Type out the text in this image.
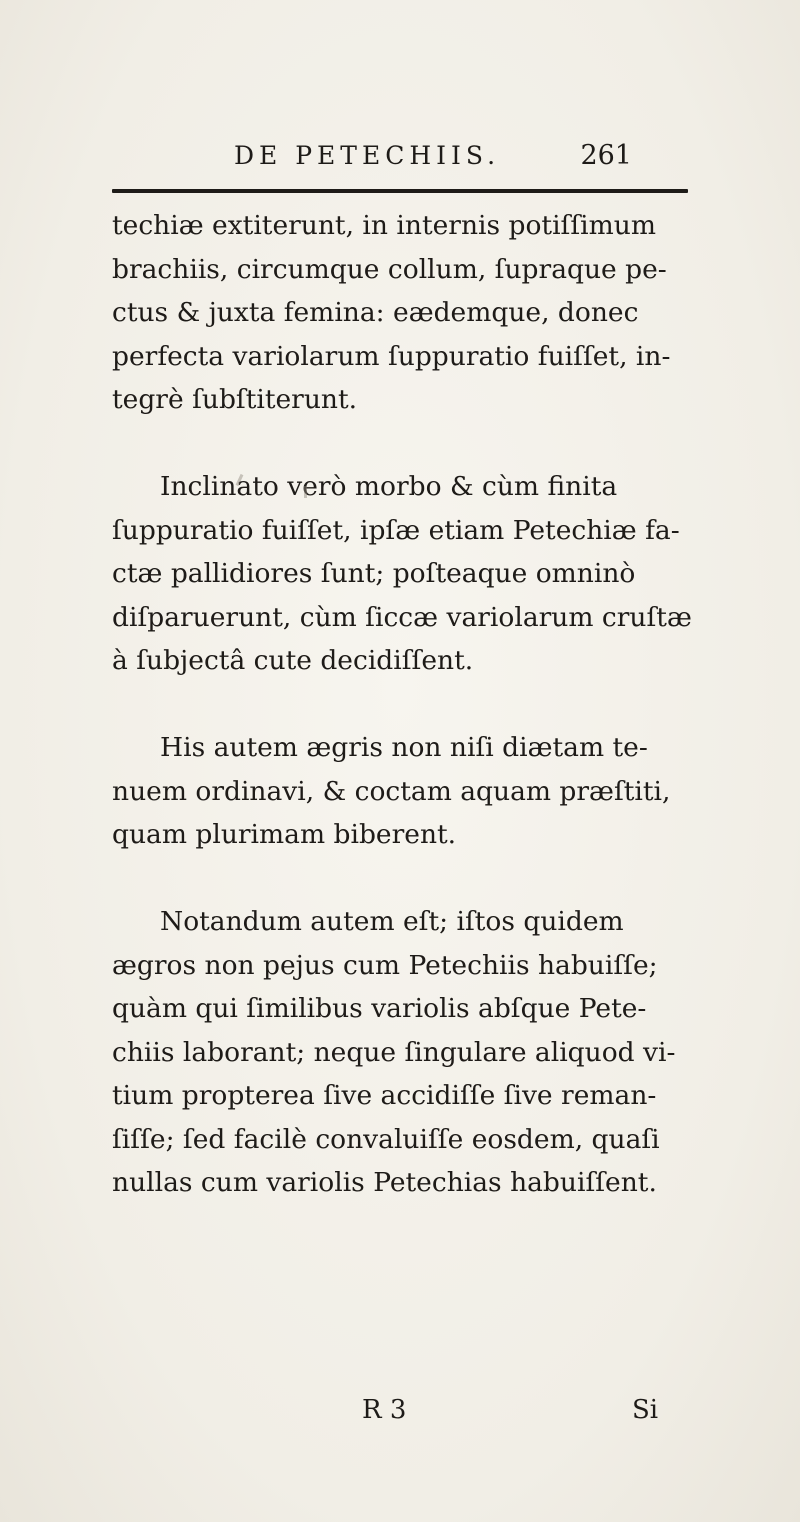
DE PETECHIIS.	261

techiæ extiterunt, in internis potiſſimum
brachiis, circumque collum, ſupraque pe-
ctus & juxta femina: eædemque, donec
perfecta variolarum ſuppuratio fuiſſet, in-
tegrè ſubſtiterunt.

Inclinato verò morbo & cùm finita
ſuppuratio fuiſſet, ipſæ etiam Petechiæ fa-
ctæ pallidiores ſunt; poſteaque omninò
diſparuerunt, cùm ſiccæ variolarum cruſtæ
à ſubjectâ cute decidiſſent.

His autem ægris non niſi diætam te-
nuem ordinavi, & coctam aquam præſtiti,
quam plurimam biberent.

Notandum autem eſt; iſtos quidem
ægros non pejus cum Petechiis habuiſſe;
quàm qui ſimilibus variolis abſque Pete-
chiis laborant; neque ſingulare aliquod vi-
tium propterea ſive accidiſſe ſive reman-
ſiſſe; ſed facilè convaluiſſe eosdem, quaſi
nullas cum variolis Petechias habuiſſent.

R 3	Si
